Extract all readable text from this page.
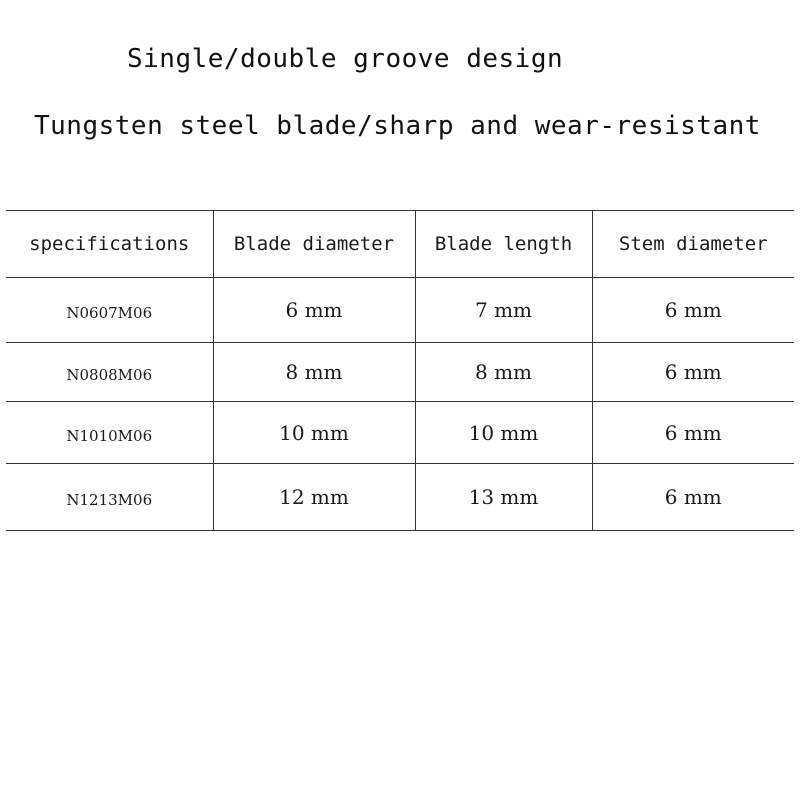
Single/double groove design
Tungsten steel blade/sharp and wear-resistant
specifications	Blade diameter	Blade length	Stem diameter
N0607M06	6 mm	7 mm	6 mm
N0808M06	8 mm	8 mm	6 mm
N1010M06	10 mm	10 mm	6 mm
N1213M06	12 mm	13 mm	6 mm
